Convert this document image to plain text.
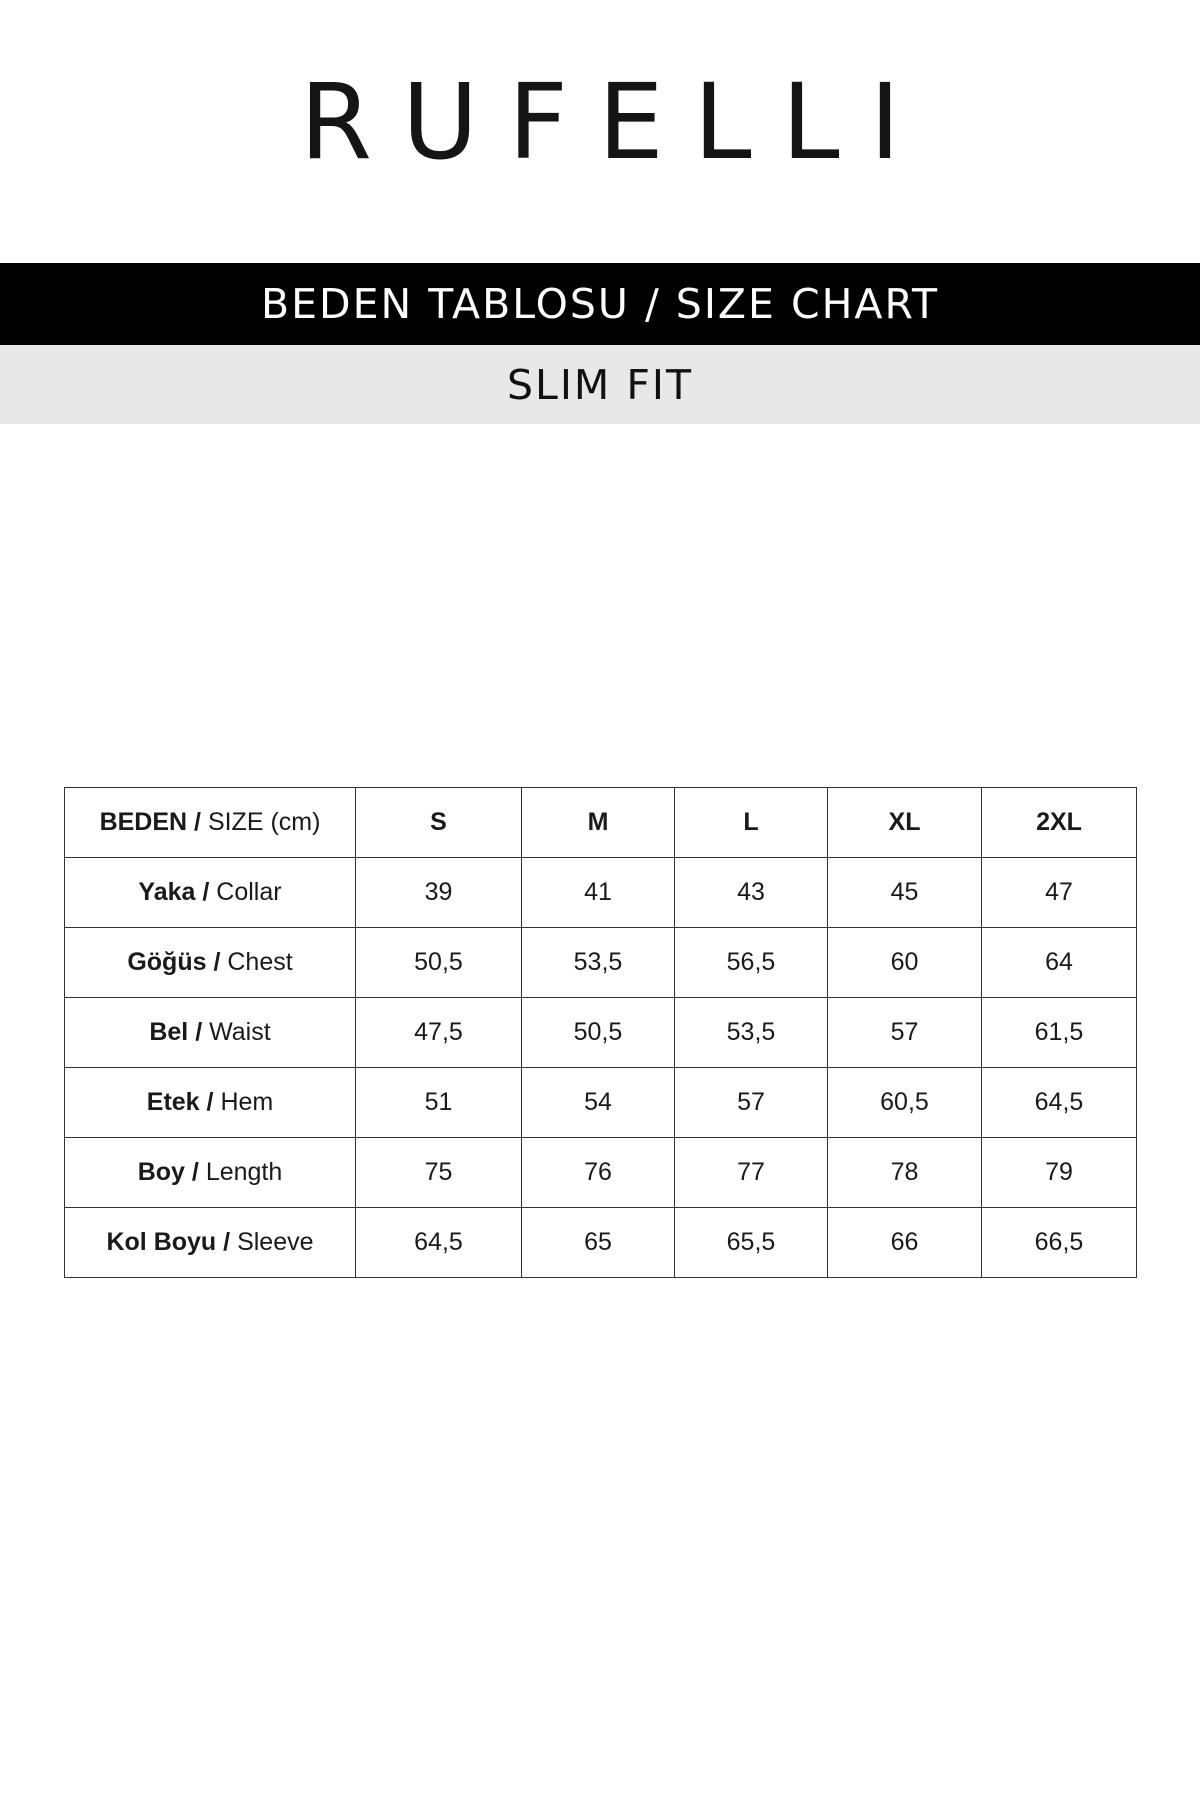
RUFELLI
BEDEN TABLOSU / SIZE CHART
SLIM FIT
BEDEN / SIZE (cm)	S	M	L	XL	2XL
Yaka / Collar	39	41	43	45	47
Göğüs / Chest	50,5	53,5	56,5	60	64
Bel / Waist	47,5	50,5	53,5	57	61,5
Etek / Hem	51	54	57	60,5	64,5
Boy / Length	75	76	77	78	79
Kol Boyu / Sleeve	64,5	65	65,5	66	66,5
